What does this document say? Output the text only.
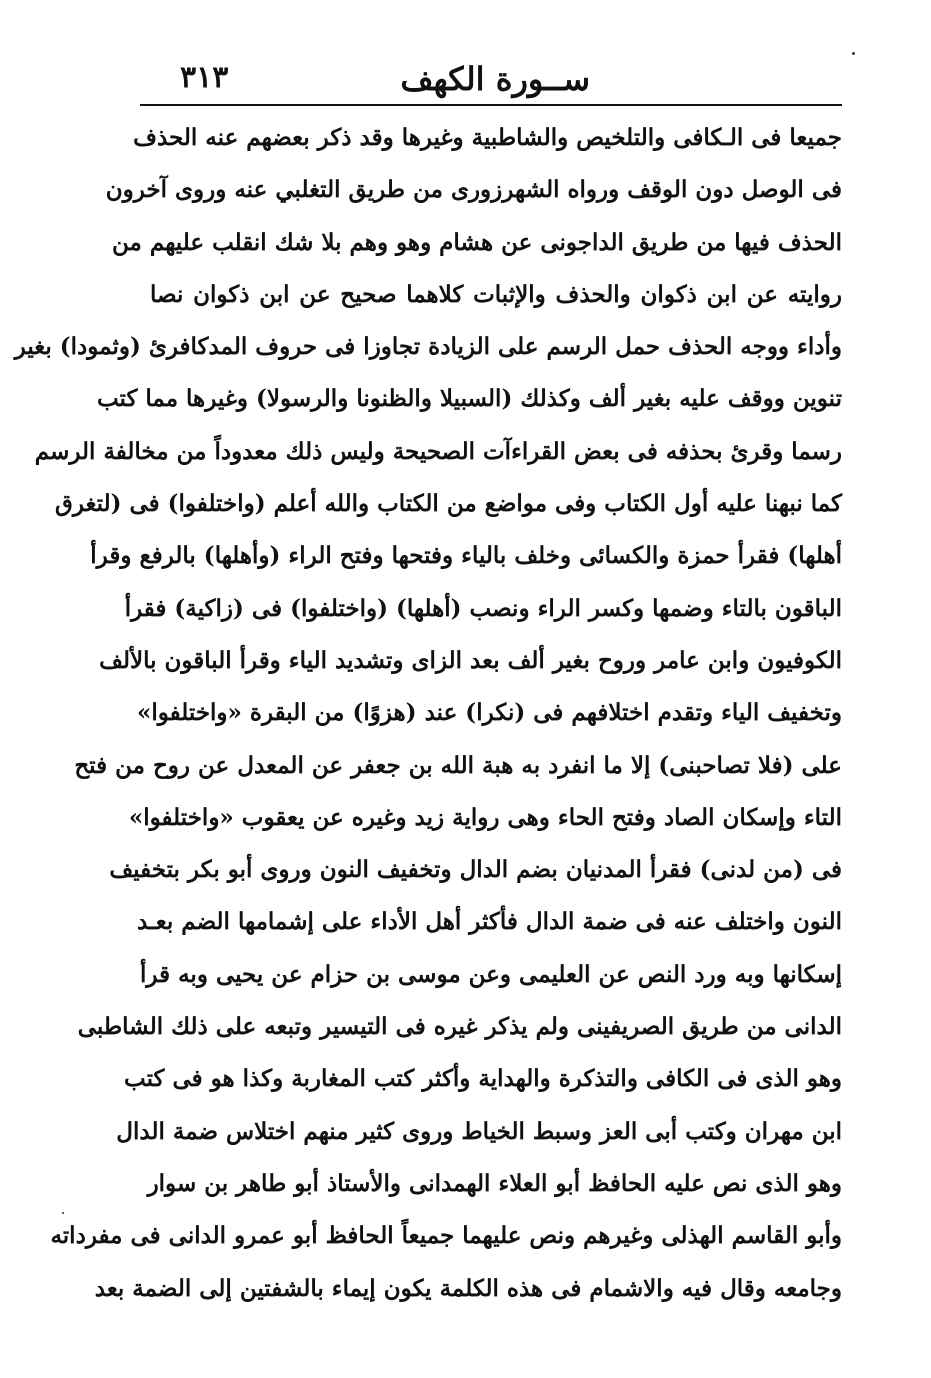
ســورة الكهف
٣١٣
جميعا فى الـكافى والتلخيص والشاطبية وغيرها وقد ذكر بعضهم عنه الحذف
فى الوصل دون الوقف ورواه الشهرزورى من طريق التغلبي عنه وروى آخرون
الحذف فيها من طريق الداجونى عن هشام وهو وهم بلا شك انقلب عليهم من
روايته عن ابن ذكوان والحذف والإثبات كلاهما صحيح عن ابن ذكوان نصا
وأداء ووجه الحذف حمل الرسم على الزيادة تجاوزا فى حروف المدكافرئ (وثمودا) بغير
تنوين ووقف عليه بغير ألف وكذلك (السبيلا والظنونا والرسولا) وغيرها مما كتب
رسما وقرئ بحذفه فى بعض القراءآت الصحيحة وليس ذلك معدوداً من مخالفة الرسم
كما نبهنا عليه أول الكتاب وفى مواضع من الكتاب والله أعلم (واختلفوا) فى (لتغرق
أهلها) فقرأ حمزة والكسائى وخلف بالياء وفتحها وفتح الراء (وأهلها) بالرفع وقرأ
الباقون بالتاء وضمها وكسر الراء ونصب (أهلها) (واختلفوا) فى (زاكية) فقرأ
الكوفيون وابن عامر وروح بغير ألف بعد الزاى وتشديد الياء وقرأ الباقون بالألف
وتخفيف الياء وتقدم اختلافهم فى (نكرا) عند (هزوًا) من البقرة «واختلفوا»
على (فلا تصاحبنى) إلا ما انفرد به هبة الله بن جعفر عن المعدل عن روح من فتح
التاء وإسكان الصاد وفتح الحاء وهى رواية زيد وغيره عن يعقوب «واختلفوا»
فى (من لدنى) فقرأ المدنيان بضم الدال وتخفيف النون وروى أبو بكر بتخفيف
النون واختلف عنه فى ضمة الدال فأكثر أهل الأداء على إشمامها الضم بعـد
إسكانها وبه ورد النص عن العليمى وعن موسى بن حزام عن يحيى وبه قرأ
الدانى من طريق الصريفينى ولم يذكر غيره فى التيسير وتبعه على ذلك الشاطبى
وهو الذى فى الكافى والتذكرة والهداية وأكثر كتب المغاربة وكذا هو فى كتب
ابن مهران وكتب أبى العز وسبط الخياط وروى كثير منهم اختلاس ضمة الدال
وهو الذى نص عليه الحافظ أبو العلاء الهمدانى والأستاذ أبو طاهر بن سوار
وأبو القاسم الهذلى وغيرهم ونص عليهما جميعاً الحافظ أبو عمرو الدانى فى مفرداته
وجامعه وقال فيه والاشمام فى هذه الكلمة يكون إيماء بالشفتين إلى الضمة بعد
